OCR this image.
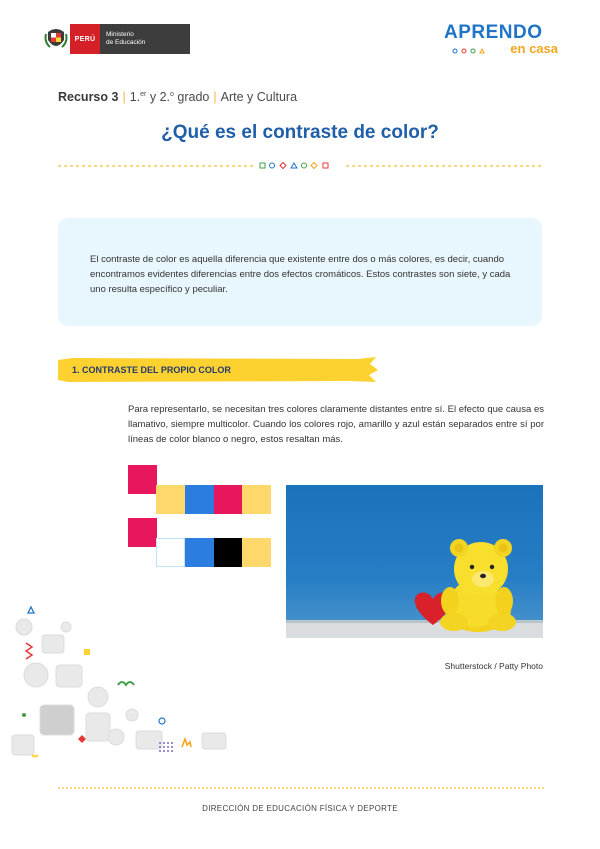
PERÚ
Ministerio
de Educación	APRENDO
en casa
Recurso 3 | 1.$^{er}$ y 2.$^o$ grado | Arte y Cultura
¿Qué es el contraste de color?
El contraste de color es aquella diferencia que existente entre dos o más colores, es decir, cuando encontramos evidentes diferencias entre dos efectos cromáticos. Estos contrastes son siete, y cada uno resulta específico y peculiar.
1. CONTRASTE DEL PROPIO COLOR
Para representarlo, se necesitan tres colores claramente distantes entre sí. El efecto que causa es llamativo, siempre multicolor. Cuando los colores rojo, amarillo y azul están separados entre sí por líneas de color blanco o negro, estos resaltan más.
Shutterstock / Patty Photo
DIRECCIÓN DE EDUCACIÓN FÍSICA Y DEPORTE
